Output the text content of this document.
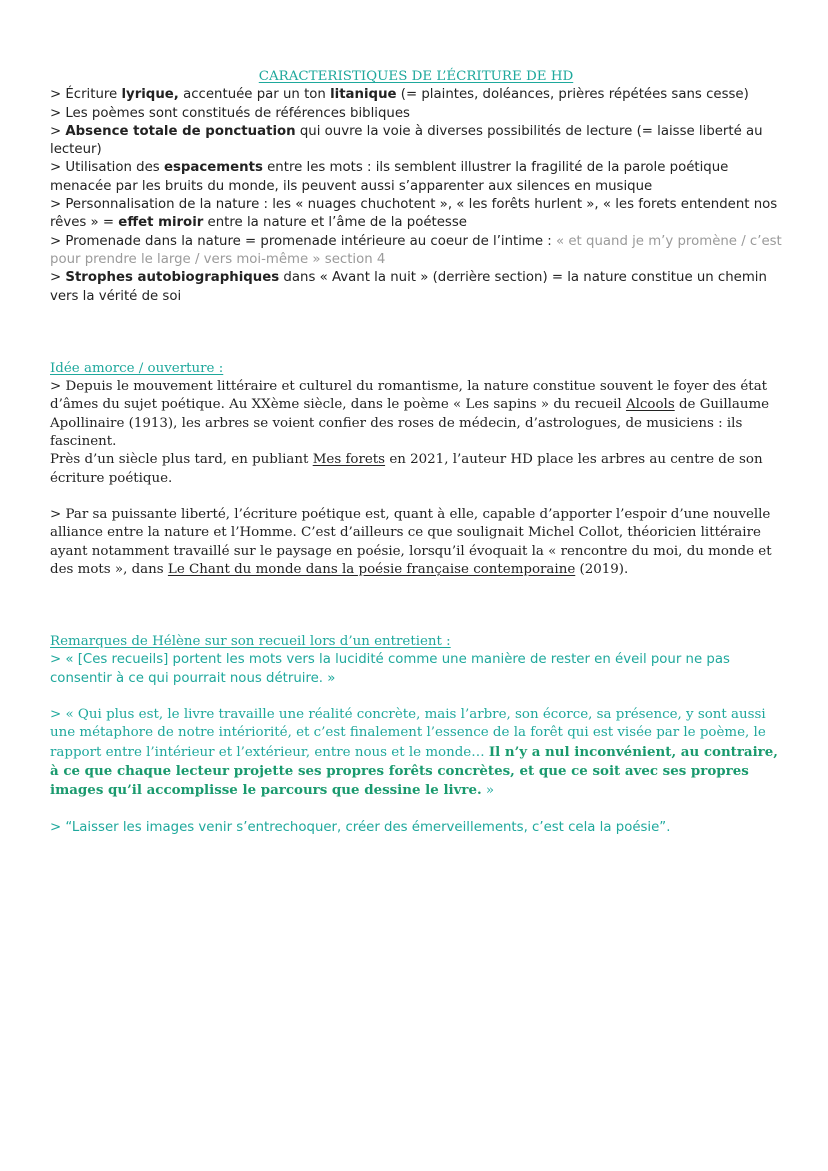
CARACTERISTIQUES DE L’ÉCRITURE DE HD

> Écriture lyrique, accentuée par un ton litanique (= plaintes, doléances, prières répétées sans cesse)

> Les poèmes sont constitués de références bibliques

> Absence totale de ponctuation qui ouvre la voie à diverses possibilités de lecture (= laisse liberté au lecteur)

> Utilisation des espacements entre les mots : ils semblent illustrer la fragilité de la parole poétique menacée par les bruits du monde, ils peuvent aussi s’apparenter aux silences en musique

> Personnalisation de la nature : les « nuages chuchotent », « les forêts hurlent », « les forets entendent nos rêves » = effet miroir entre la nature et l’âme de la poétesse

> Promenade dans la nature = promenade intérieure au coeur de l’intime : « et quand je m’y promène / c’est pour prendre le large / vers moi-même » section 4

> Strophes autobiographiques dans « Avant la nuit » (derrière section) = la nature constitue un chemin vers la vérité de soi

Idée amorce / ouverture :

> Depuis le mouvement littéraire et culturel du romantisme, la nature constitue souvent le foyer des état d’âmes du sujet poétique. Au XXème siècle, dans le poème « Les sapins » du recueil Alcools de Guillaume Apollinaire (1913), les arbres se voient confier des roses de médecin, d’astrologues, de musiciens : ils fascinent.

Près d’un siècle plus tard, en publiant Mes forets en 2021, l’auteur HD place les arbres au centre de son écriture poétique.

> Par sa puissante liberté, l’écriture poétique est, quant à elle, capable d’apporter l’espoir d’une nouvelle alliance entre la nature et l’Homme. C’est d’ailleurs ce que soulignait Michel Collot, théoricien littéraire ayant notamment travaillé sur le paysage en poésie, lorsqu’il évoquait la « rencontre du moi, du monde et des mots », dans Le Chant du monde dans la poésie française contemporaine (2019).

Remarques de Hélène sur son recueil lors d’un entretient :

> « [Ces recueils] portent les mots vers la lucidité comme une manière de rester en éveil pour ne pas consentir à ce qui pourrait nous détruire. »

> « Qui plus est, le livre travaille une réalité concrète, mais l’arbre, son écorce, sa présence, y sont aussi une métaphore de notre intériorité, et c’est finalement l’essence de la forêt qui est visée par le poème, le rapport entre l’intérieur et l’extérieur, entre nous et le monde… Il n’y a nul inconvénient, au contraire, à ce que chaque lecteur projette ses propres forêts concrètes, et que ce soit avec ses propres images qu’il accomplisse le parcours que dessine le livre. »

> “Laisser les images venir s’entrechoquer, créer des émerveillements, c’est cela la poésie”.
